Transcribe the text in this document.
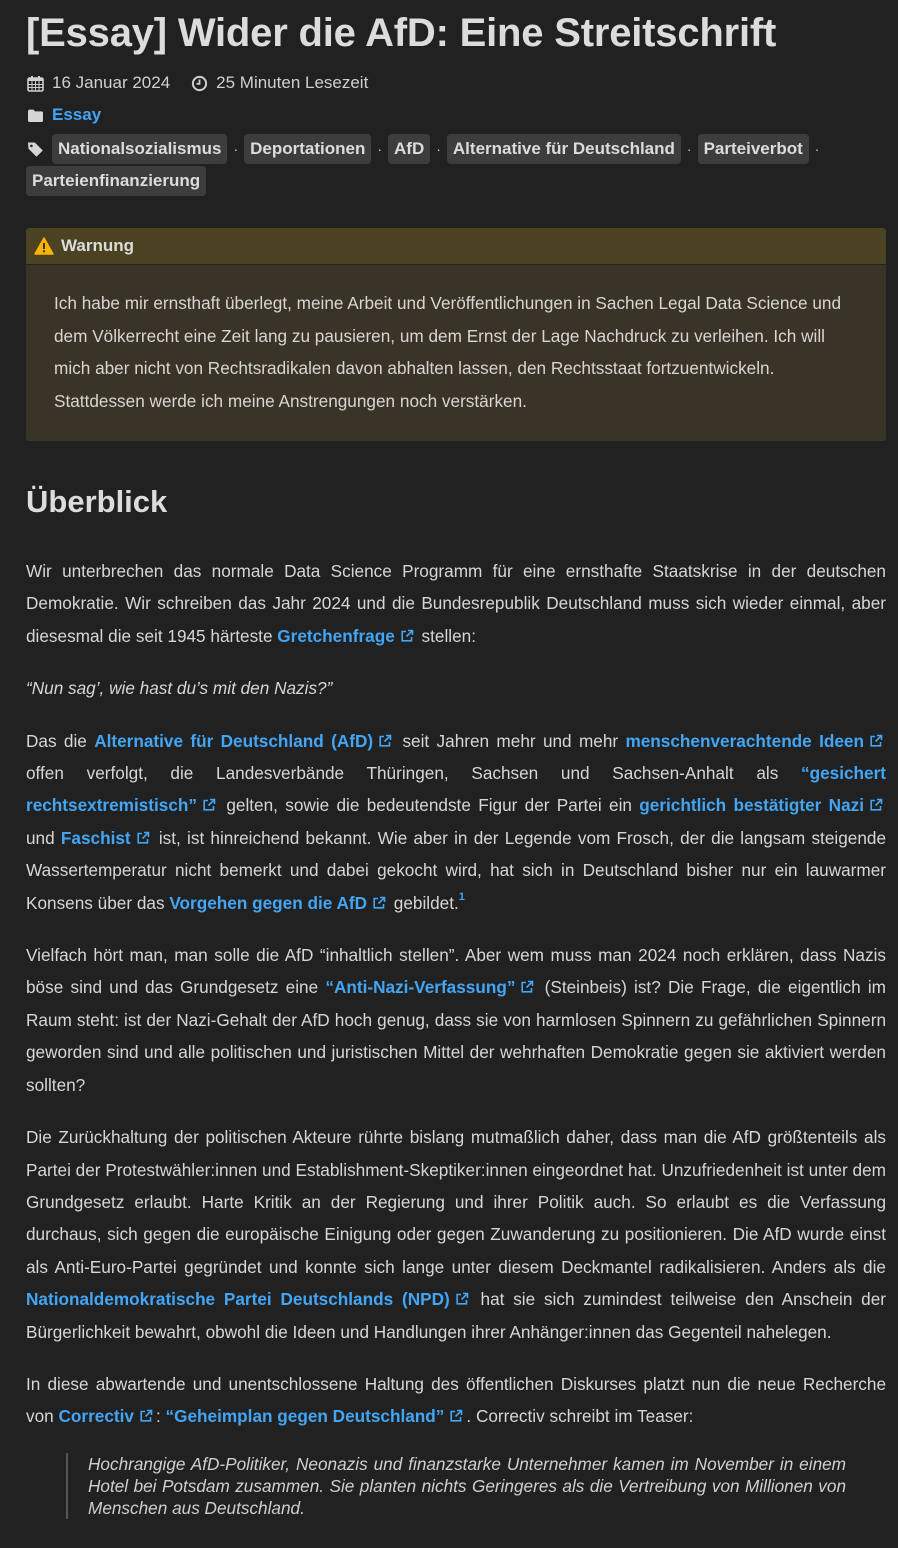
[Essay] Wider die AfD: Eine Streitschrift
16 Januar 2024	25 Minuten Lesezeit
Essay
Nationalsozialismus · Deportationen · AfD · Alternative für Deutschland · Parteiverbot ·
Parteienfinanzierung
Warnung
Ich habe mir ernsthaft überlegt, meine Arbeit und Veröffentlichungen in Sachen Legal Data Science und dem Völkerrecht eine Zeit lang zu pausieren, um dem Ernst der Lage Nachdruck zu verleihen. Ich will mich aber nicht von Rechtsradikalen davon abhalten lassen, den Rechtsstaat fortzuentwickeln. Stattdessen werde ich meine Anstrengungen noch verstärken.
Überblick

Wir unterbrechen das normale Data Science Programm für eine ernsthafte Staatskrise in der deutschen Demokratie. Wir schreiben das Jahr 2024 und die Bundesrepublik Deutschland muss sich wieder einmal, aber diesesmal die seit 1945 härteste Gretchenfrage stellen:

“Nun sag’, wie hast du’s mit den Nazis?”

Das die Alternative für Deutschland (AfD) seit Jahren mehr und mehr menschenverachtende Ideen offen verfolgt, die Landesverbände Thüringen, Sachsen und Sachsen-Anhalt als “gesichert rechtsextremistisch” gelten, sowie die bedeutendste Figur der Partei ein gerichtlich bestätigter Nazi und Faschist ist, ist hinreichend bekannt. Wie aber in der Legende vom Frosch, der die langsam steigende Wassertemperatur nicht bemerkt und dabei gekocht wird, hat sich in Deutschland bisher nur ein lauwarmer Konsens über das Vorgehen gegen die AfD gebildet.$^1$

Vielfach hört man, man solle die AfD “inhaltlich stellen”. Aber wem muss man 2024 noch erklären, dass Nazis böse sind und das Grundgesetz eine “Anti-Nazi-Verfassung” (Steinbeis) ist? Die Frage, die eigentlich im Raum steht: ist der Nazi-Gehalt der AfD hoch genug, dass sie von harmlosen Spinnern zu gefährlichen Spinnern geworden sind und alle politischen und juristischen Mittel der wehrhaften Demokratie gegen sie aktiviert werden sollten?

Die Zurückhaltung der politischen Akteure rührte bislang mutmaßlich daher, dass man die AfD größtenteils als Partei der Protestwähler:innen und Establishment-Skeptiker:innen eingeordnet hat. Unzufriedenheit ist unter dem Grundgesetz erlaubt. Harte Kritik an der Regierung und ihrer Politik auch. So erlaubt es die Verfassung durchaus, sich gegen die europäische Einigung oder gegen Zuwanderung zu positionieren. Die AfD wurde einst als Anti-Euro-Partei gegründet und konnte sich lange unter diesem Deckmantel radikalisieren. Anders als die Nationaldemokratische Partei Deutschlands (NPD) hat sie sich zumindest teilweise den Anschein der Bürgerlichkeit bewahrt, obwohl die Ideen und Handlungen ihrer Anhänger:innen das Gegenteil nahelegen.

In diese abwartende und unentschlossene Haltung des öffentlichen Diskurses platzt nun die neue Recherche von Correctiv : “Geheimplan gegen Deutschland” . Correctiv schreibt im Teaser:

Hochrangige AfD-Politiker, Neonazis und finanzstarke Unternehmer kamen im November in einem Hotel bei Potsdam zusammen. Sie planten nichts Geringeres als die Vertreibung von Millionen von Menschen aus Deutschland.
